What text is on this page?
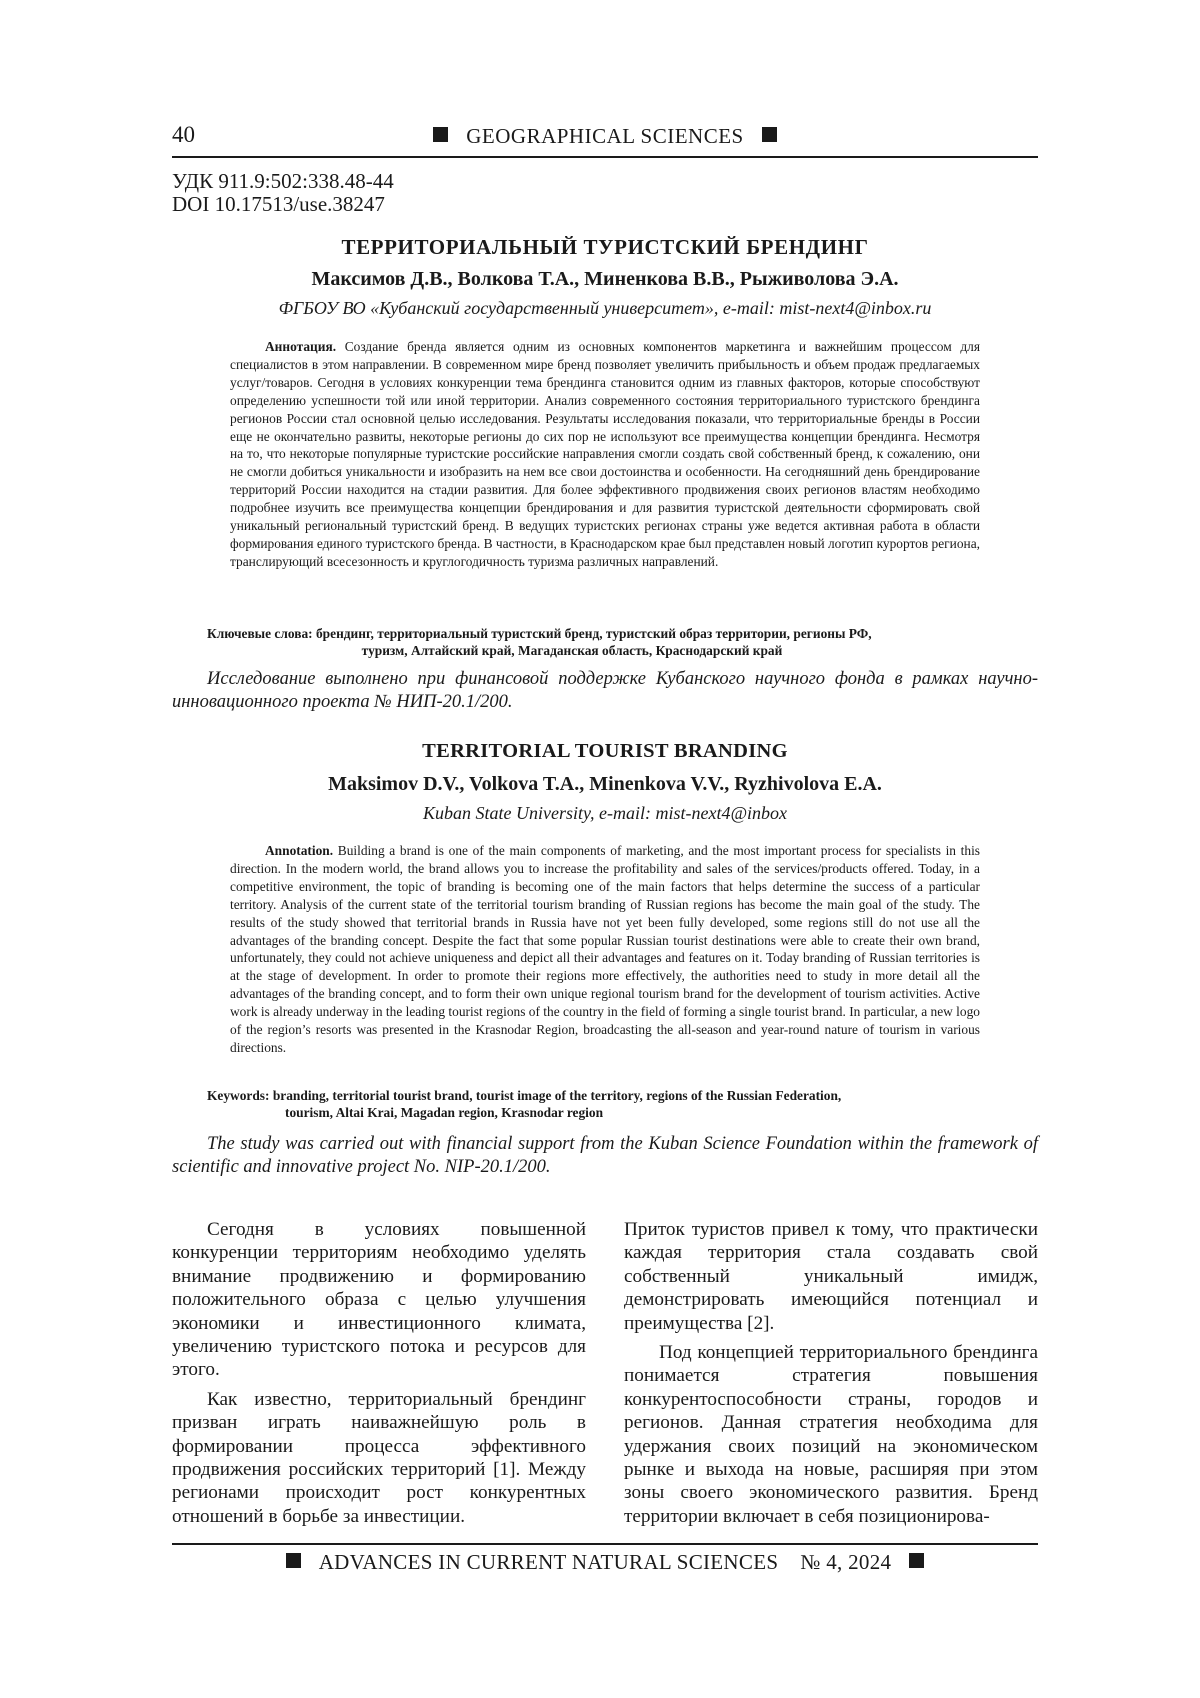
40	GEOGRAPHICAL SCIENCES
УДК 911.9:502:338.48-44
DOI 10.17513/use.38247
ТЕРРИТОРИАЛЬНЫЙ ТУРИСТСКИЙ БРЕНДИНГ
Максимов Д.В., Волкова Т.А., Миненкова В.В., Рыживолова Э.А.
ФГБОУ ВО «Кубанский государственный университет», e-mail: mist-next4@inbox.ru
Аннотация. Создание бренда является одним из основных компонентов маркетинга и важнейшим процессом для специалистов в этом направлении. В современном мире бренд позволяет увеличить прибыльность и объем продаж предлагаемых услуг/товаров. Сегодня в условиях конкуренции тема брендинга становится одним из главных факторов, которые способствуют определению успешности той или иной территории. Анализ современного состояния территориального туристского брендинга регионов России стал основной целью исследования. Результаты исследования показали, что территориальные бренды в России еще не окончательно развиты, некоторые регионы до сих пор не используют все преимущества концепции брендинга. Несмотря на то, что некоторые популярные туристские российские направления смогли создать свой собственный бренд, к сожалению, они не смогли добиться уникальности и изобразить на нем все свои достоинства и особенности. На сегодняшний день брендирование территорий России находится на стадии развития. Для более эффективного продвижения своих регионов властям необходимо подробнее изучить все преимущества концепции брендирования и для развития туристской деятельности сформировать свой уникальный региональный туристский бренд. В ведущих туристских регионах страны уже ведется активная работа в области формирования единого туристского бренда. В частности, в Краснодарском крае был представлен новый логотип курортов региона, транслирующий всесезонность и круглогодичность туризма различных направлений.
Ключевые слова: брендинг, территориальный туристский бренд, туристский образ территории, регионы РФ,
туризм, Алтайский край, Магаданская область, Краснодарский край
Исследование выполнено при финансовой поддержке Кубанского научного фонда в рамках научно-инновационного проекта № НИП-20.1/200.
TERRITORIAL TOURIST BRANDING
Maksimov D.V., Volkova T.A., Minenkova V.V., Ryzhivolova E.A.
Kuban State University, e-mail: mist-next4@inbox
Annotation. Building a brand is one of the main components of marketing, and the most important process for specialists in this direction. In the modern world, the brand allows you to increase the profitability and sales of the services/products offered. Today, in a competitive environment, the topic of branding is becoming one of the main factors that helps determine the success of a particular territory. Analysis of the current state of the territorial tourism branding of Russian regions has become the main goal of the study. The results of the study showed that territorial brands in Russia have not yet been fully developed, some regions still do not use all the advantages of the branding concept. Despite the fact that some popular Russian tourist destinations were able to create their own brand, unfortunately, they could not achieve uniqueness and depict all their advantages and features on it. Today branding of Russian territories is at the stage of development. In order to promote their regions more effectively, the authorities need to study in more detail all the advantages of the branding concept, and to form their own unique regional tourism brand for the development of tourism activities. Active work is already underway in the leading tourist regions of the country in the field of forming a single tourist brand. In particular, a new logo of the region’s resorts was presented in the Krasnodar Region, broadcasting the all-season and year-round nature of tourism in various directions.
Keywords: branding, territorial tourist brand, tourist image of the territory, regions of the Russian Federation,
tourism, Altai Krai, Magadan region, Krasnodar region
The study was carried out with financial support from the Kuban Science Foundation within the framework of scientific and innovative project No. NIP-20.1/200.

Сегодня в условиях повышенной конкуренции территориям необходимо уделять внимание продвижению и формированию положительного образа с целью улучшения экономики и инвестиционного климата, увеличению туристского потока и ресурсов для этого.

Как известно, территориальный брендинг призван играть наиважнейшую роль в формировании процесса эффективного продвижения российских территорий [1]. Между регионами происходит рост конкурентных отношений в борьбе за инвестиции.

Приток туристов привел к тому, что практически каждая территория стала создавать свой собственный уникальный имидж, демонстрировать имеющийся потенциал и преимущества [2].

Под концепцией территориального брендинга понимается стратегия повышения конкурентоспособности страны, городов и регионов. Данная стратегия необходима для удержания своих позиций на экономическом рынке и выхода на новые, расширяя при этом зоны своего экономического развития. Бренд территории включает в себя позиционирова-

ADVANCES IN CURRENT NATURAL SCIENCES № 4, 2024
